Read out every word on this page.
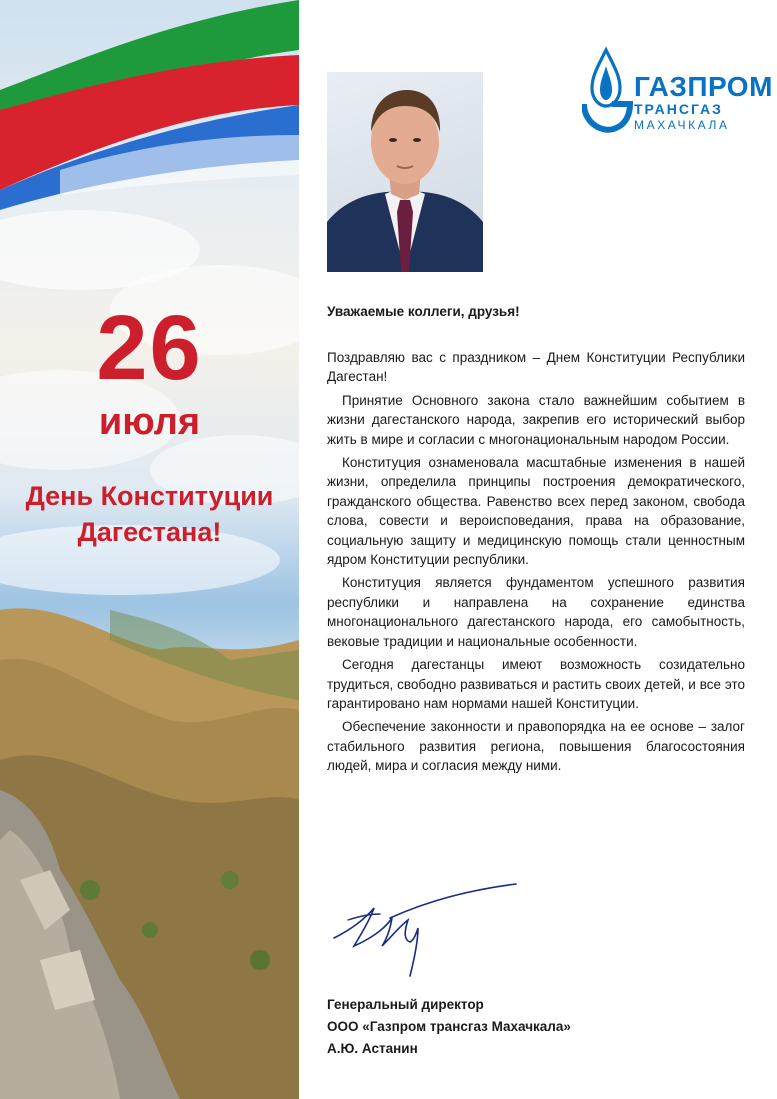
26
июля
День Конституции
Дагестана!
ГАЗПРОМ
ТРАНСГАЗ
МАХАЧКАЛА
Уважаемые коллеги, друзья!

Поздравляю вас с праздником – Днем Конституции Республики Дагестан!

Принятие Основного закона стало важнейшим событием в жизни дагестанского народа, закрепив его исторический выбор жить в мире и согласии с многонациональным народом России.

Конституция ознаменовала масштабные изменения в нашей жизни, определила принципы построения демократического, гражданского общества. Равенство всех перед законом, свобода слова, совести и вероисповедания, права на образование, социальную защиту и медицинскую помощь стали ценностным ядром Конституции республики.

Конституция является фундаментом успешного развития республики и направлена на сохранение единства многонационального дагестанского народа, его самобытность, вековые традиции и национальные особенности.

Сегодня дагестанцы имеют возможность созидательно трудиться, свободно развиваться и растить своих детей, и все это гарантировано нам нормами нашей Конституции.

Обеспечение законности и правопорядка на ее основе – залог стабильного развития региона, повышения благосостояния людей, мира и согласия между ними.

Генеральный директор
ООО «Газпром трансгаз Махачкала»
А.Ю. Астанин
